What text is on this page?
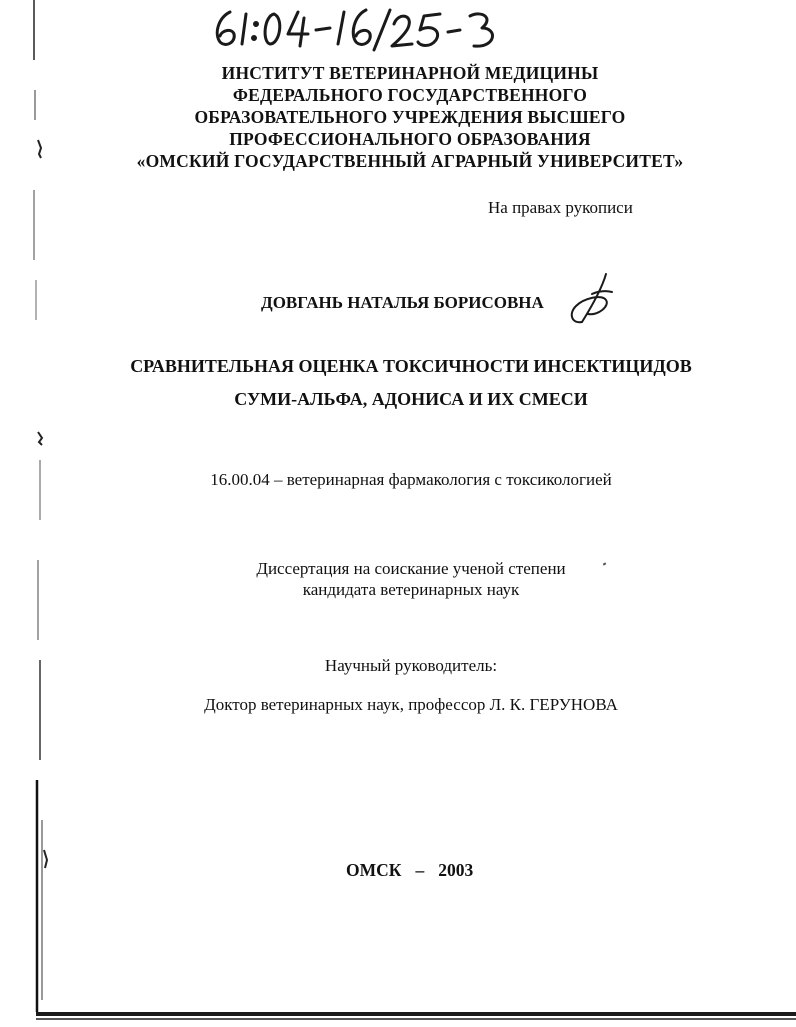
ИНСТИТУТ ВЕТЕРИНАРНОЙ МЕДИЦИНЫ
ФЕДЕРАЛЬНОГО ГОСУДАРСТВЕННОГО
ОБРАЗОВАТЕЛЬНОГО УЧРЕЖДЕНИЯ ВЫСШЕГО
ПРОФЕССИОНАЛЬНОГО ОБРАЗОВАНИЯ
«ОМСКИЙ ГОСУДАРСТВЕННЫЙ АГРАРНЫЙ УНИВЕРСИТЕТ»
На правах рукописи
ДОВГАНЬ НАТАЛЬЯ БОРИСОВНА
СРАВНИТЕЛЬНАЯ ОЦЕНКА ТОКСИЧНОСТИ ИНСЕКТИЦИДОВ
СУМИ-АЛЬФА, АДОНИСА И ИХ СМЕСИ
16.00.04 – ветеринарная фармакология с токсикологией
Диссертация на соискание ученой степени
кандидата ветеринарных наук
Научный руководитель:
Доктор ветеринарных наук, профессор Л. К. ГЕРУНОВА
ОМСК – 2003
